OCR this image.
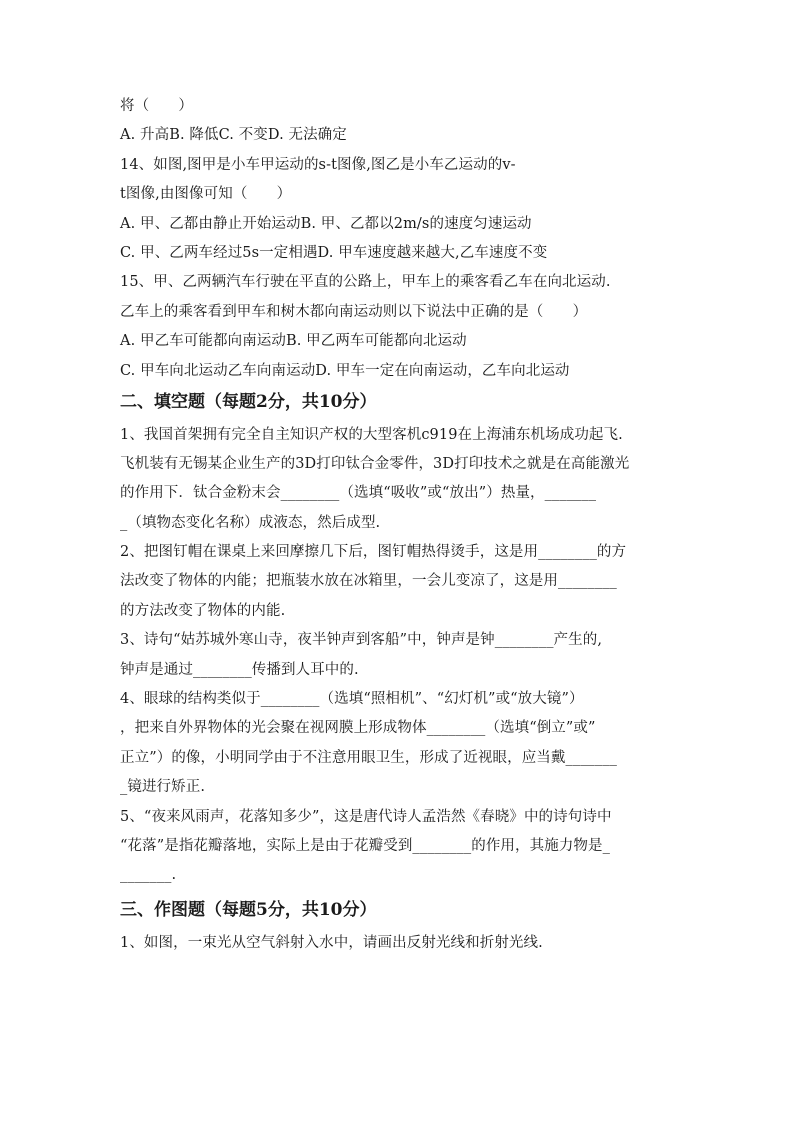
将（　　）
A. 升高B. 降低C. 不变D. 无法确定
14、如图,图甲是小车甲运动的s-t图像,图乙是小车乙运动的v-
t图像,由图像可知（　　）
A. 甲、乙都由静止开始运动B. 甲、乙都以2m/s的速度匀速运动
C. 甲、乙两车经过5s一定相遇D. 甲车速度越来越大,乙车速度不变
15、甲、乙两辆汽车行驶在平直的公路上，甲车上的乘客看乙车在向北运动.
乙车上的乘客看到甲车和树木都向南运动则以下说法中正确的是（　　）
A. 甲乙车可能都向南运动B. 甲乙两车可能都向北运动
C. 甲车向北运动乙车向南运动D. 甲车一定在向南运动，乙车向北运动
二、填空题（每题2分，共10分）
1、我国首架拥有完全自主知识产权的大型客机c919在上海浦东机场成功起飞.
飞机装有无锡某企业生产的3D打印钛合金零件，3D打印技术之就是在高能激光
的作用下．钛合金粉末会________（选填“吸收”或“放出”）热量，_______
_（填物态变化名称）成液态，然后成型.
2、把图钉帽在课桌上来回摩擦几下后，图钉帽热得烫手，这是用________的方
法改变了物体的内能；把瓶装水放在冰箱里，一会儿变凉了，这是用________
的方法改变了物体的内能.
3、诗句“姑苏城外寒山寺，夜半钟声到客船”中，钟声是钟________产生的,
钟声是通过________传播到人耳中的.
4、眼球的结构类似于________（选填“照相机”、“幻灯机”或“放大镜”）
，把来自外界物体的光会聚在视网膜上形成物体________（选填“倒立”或”
正立”）的像，小明同学由于不注意用眼卫生，形成了近视眼，应当戴_______
_镜进行矫正.
5、“夜来风雨声，花落知多少”，这是唐代诗人孟浩然《春晓》中的诗句诗中
“花落”是指花瓣落地，实际上是由于花瓣受到________的作用，其施力物是_
_______.
三、作图题（每题5分，共10分）
1、如图，一束光从空气斜射入水中，请画出反射光线和折射光线.
